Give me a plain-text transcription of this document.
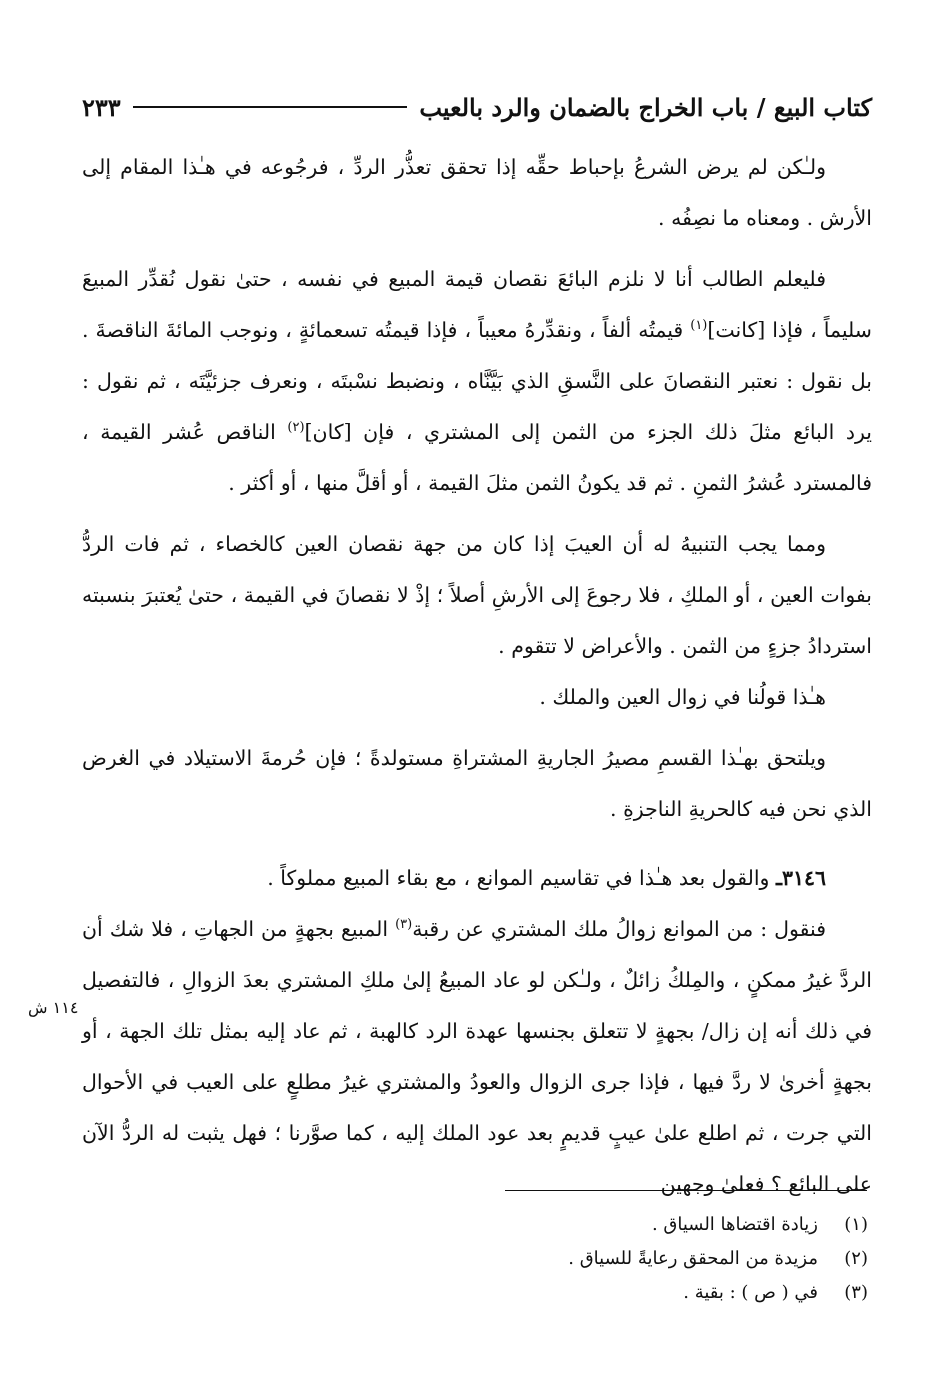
كتاب البيع / باب الخراج بالضمان والرد بالعيب
٢٣٣

ولـٰكن لم يرض الشرعُ بإحباط حقِّه إذا تحقق تعذُّر الردِّ ، فرجُوعه في هـٰذا المقام إلى الأرش . ومعناه ما نصِفُه .

فليعلم الطالب أنا لا نلزم البائعَ نقصان قيمة المبيع في نفسه ، حتىٰ نقول نُقدِّر المبيعَ سليماً ، فإذا [كانت]$^{(١)}$ قيمتُه ألفاً ، ونقدِّرهُ معيباً ، فإذا قيمتُه تسعمائةٍ ، ونوجب المائةَ الناقصةَ . بل نقول : نعتبر النقصانَ على النَّسقِ الذي بَيَّنَّاه ، ونضبط نسْبتَه ، ونعرف جزئيَّتَه ، ثم نقول : يرد البائع مثلَ ذلك الجزء من الثمن إلى المشتري ، فإن [كان]$^{(٢)}$ الناقص عُشر القيمة ، فالمسترد عُشرُ الثمنِ . ثم قد يكونُ الثمن مثلَ القيمة ، أو أقلَّ منها ، أو أكثر .

ومما يجب التنبيهُ له أن العيبَ إذا كان من جهة نقصان العين كالخصاء ، ثم فات الردُّ بفوات العين ، أو الملكِ ، فلا رجوعَ إلى الأرشِ أصلاً ؛ إذْ لا نقصانَ في القيمة ، حتىٰ يُعتبرَ بنسبته استردادُ جزءٍ من الثمن . والأعراض لا تتقوم .

هـٰذا قولُنا في زوال العين والملك .

ويلتحق بهـٰذا القسمِ مصيرُ الجاريةِ المشتراةِ مستولدةً ؛ فإن حُرمةَ الاستيلاد في الغرض الذي نحن فيه كالحريةِ الناجزةِ .

٣١٤٦ـ والقول بعد هـٰذا في تقاسيم الموانع ، مع بقاء المبيع مملوكاً .

فنقول : من الموانع زوالُ ملك المشتري عن رقبة$^{(٣)}$ المبيع بجهةٍ من الجهاتِ ، فلا شك أن الردَّ غيرُ ممكنٍ ، والمِلكُ زائلٌ ، ولـٰكن لو عاد المبيعُ إلىٰ ملكِ المشتري بعدَ الزوالِ ، فالتفصيل في ذلك أنه إن زال/ بجهةٍ لا تتعلق بجنسها عهدة الرد كالهبة ، ثم عاد إليه بمثل تلك الجهة ، أو بجهةٍ أخرىٰ لا ردَّ فيها ، فإذا جرى الزوال والعودُ والمشتري غيرُ مطلعٍ على العيب في الأحوال التي جرت ، ثم اطلع علىٰ عيبٍ قديمٍ بعد عود الملك إليه ، كما صوَّرنا ؛ فهل يثبت له الردُّ الآن على البائع ؟ فعلىٰ وجهين

١١٤ ش
(١)
زيادة اقتضاها السياق .
(٢)
مزيدة من المحقق رعايةً للسياق .
(٣)
في ( ص ) : بقية .
